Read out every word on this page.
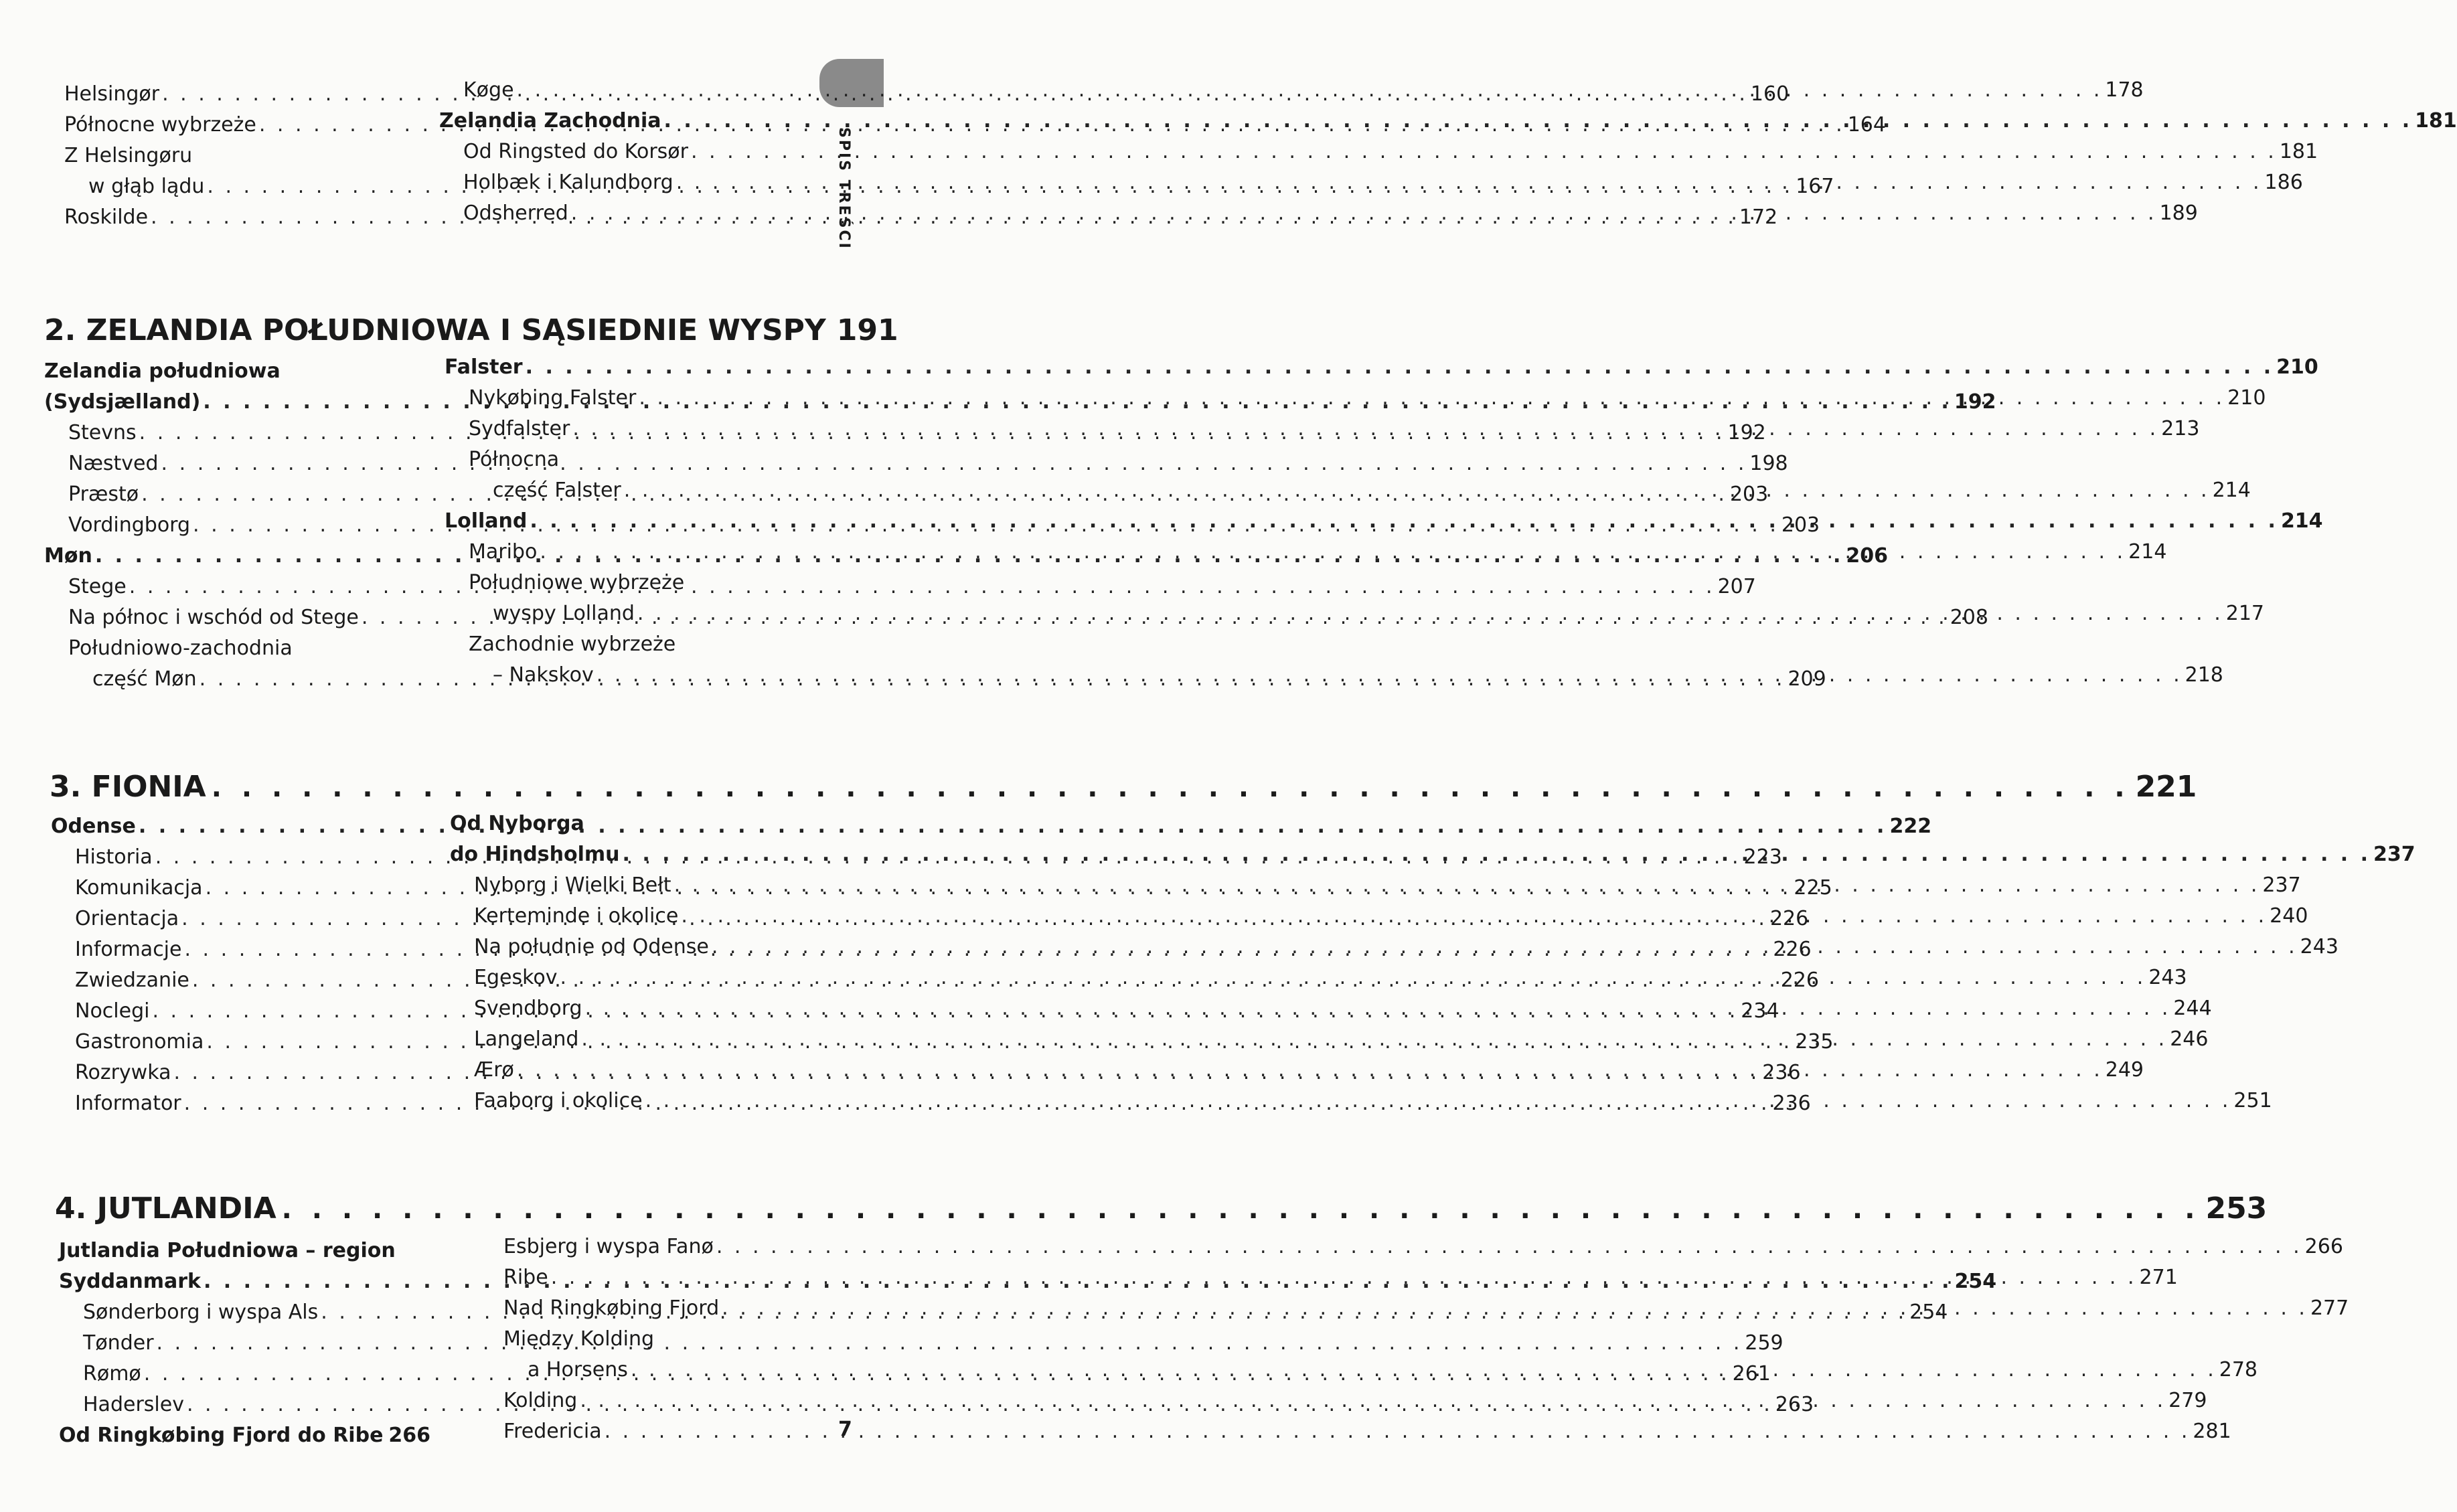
SPIS TREŚCI
Helsingør . . .	160
Północne wybrzeże . . .	164
Z Helsingøru
w głąb lądu . . .	167
Roskilde . . .	172
Køge . . .	178
Zelandia Zachodnia . . .	181
Od Ringsted do Korsør . . .	181
Holbæk i Kalundborg . . .	186
Odsherred . . .	189
2. ZELANDIA POŁUDNIOWA I SĄSIEDNIE WYSPY 191
Zelandia południowa
(Sydsjælland) . . .	192
Stevns . . .	192
Næstved . . .	198
Præstø . . .	203
Vordingborg . . .	203
Møn . . .	206
Stege . . .	207
Na północ i wschód od Stege . . .	208
Południowo-zachodnia
część Møn . . .	209
Falster . . .	210
Nykøbing Falster . . .	210
Sydfalster . . .	213
Północna
część Falster . . .	214
Lolland . . .	214
Maribo . . .	214
Południowe wybrzeże
wyspy Lolland . . .	217
Zachodnie wybrzeże
– Nakskov . . .	218
3. FIONIA . . .	221
Odense . . .	222
Historia . . .	223
Komunikacja . . .	225
Orientacja . . .	226
Informacje . . .	226
Zwiedzanie . . .	226
Noclegi . . .	234
Gastronomia . . .	235
Rozrywka . . .	236
Informator . . .	236
Od Nyborga
do Hindsholmu . . .	237
Nyborg i Wielki Bełt . . .	237
Kerteminde i okolice . . .	240
Na południe od Odense . . .	243
Egeskov . . .	243
Svendborg . . .	244
Langeland . . .	246
Ærø . . .	249
Faaborg i okolice . . .	251
4. JUTLANDIA . . .	253
Jutlandia Południowa – region
Syddanmark . . .	254
Sønderborg i wyspa Als . . .	254
Tønder . . .	259
Rømø . . .	261
Haderslev . . .	263
Od Ringkøbing Fjord do Ribe 266
Esbjerg i wyspa Fanø . . .	266
Ribe . . .	271
Nad Ringkøbing Fjord . . .	277
Między Kolding
a Horsens . . .	278
Kolding . . .	279
Fredericia . . .	281
7
